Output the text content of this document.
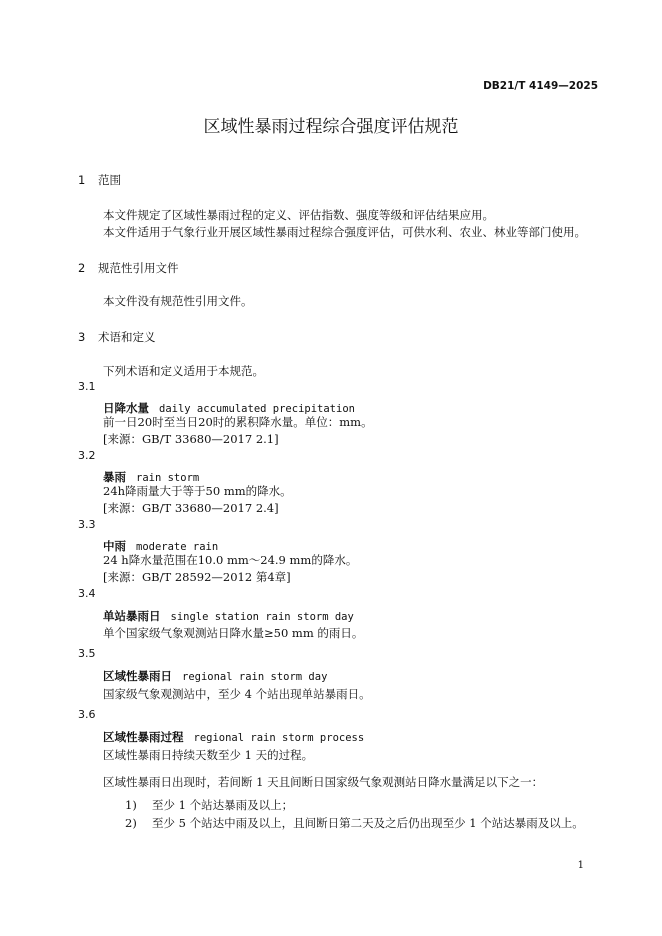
DB21/T 4149—2025
区域性暴雨过程综合强度评估规范
1 范围
本文件规定了区域性暴雨过程的定义、评估指数、强度等级和评估结果应用。
本文件适用于气象行业开展区域性暴雨过程综合强度评估，可供水利、农业、林业等部门使用。
2 规范性引用文件
本文件没有规范性引用文件。
3 术语和定义
下列术语和定义适用于本规范。
3.1
日降水量 daily accumulated precipitation
前一日20时至当日20时的累积降水量。单位：mm。
[来源：GB/T 33680—2017 2.1]
3.2
暴雨 rain storm
24h降雨量大于等于50 mm的降水。
[来源：GB/T 33680—2017 2.4]
3.3
中雨 moderate rain
24 h降水量范围在10.0 mm～24.9 mm的降水。
[来源：GB/T 28592—2012 第4章]
3.4
单站暴雨日 single station rain storm day
单个国家级气象观测站日降水量≥50 mm 的雨日。
3.5
区域性暴雨日 regional rain storm day
国家级气象观测站中，至少 4 个站出现单站暴雨日。
3.6
区域性暴雨过程 regional rain storm process
区域性暴雨日持续天数至少 1 天的过程。
区域性暴雨日出现时，若间断 1 天且间断日国家级气象观测站日降水量满足以下之一：
1) 至少 1 个站达暴雨及以上；
2) 至少 5 个站达中雨及以上，且间断日第二天及之后仍出现至少 1 个站达暴雨及以上。
1
